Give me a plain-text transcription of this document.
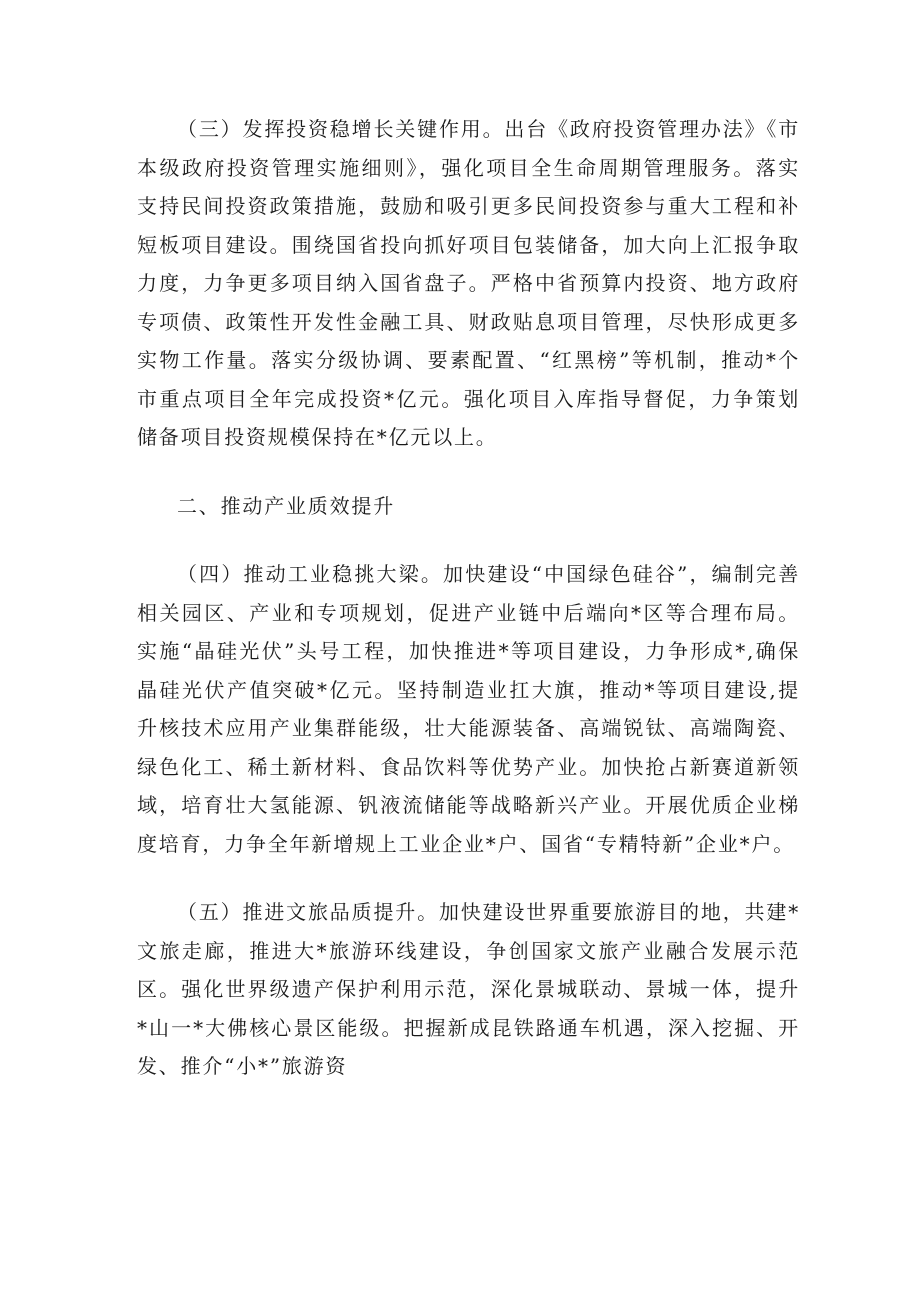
（三）发挥投资稳增长关键作用。出台《政府投资管理办法》《市本级政府投资管理实施细则》，强化项目全生命周期管理服务。落实支持民间投资政策措施，鼓励和吸引更多民间投资参与重大工程和补短板项目建设。围绕国省投向抓好项目包装储备，加大向上汇报争取力度，力争更多项目纳入国省盘子。严格中省预算内投资、地方政府专项债、政策性开发性金融工具、财政贴息项目管理，尽快形成更多实物工作量。落实分级协调、要素配置、“红黑榜”等机制，推动*个市重点项目全年完成投资*亿元。强化项目入库指导督促，力争策划储备项目投资规模保持在*亿元以上。

二、推动产业质效提升

（四）推动工业稳挑大梁。加快建设“中国绿色硅谷”，编制完善相关园区、产业和专项规划，促进产业链中后端向*区等合理布局。实施“晶硅光伏”头号工程，加快推进*等项目建设，力争形成*,确保晶硅光伏产值突破*亿元。坚持制造业扛大旗，推动*等项目建设,提升核技术应用产业集群能级，壮大能源装备、高端锐钛、高端陶瓷、绿色化工、稀土新材料、食品饮料等优势产业。加快抢占新赛道新领域，培育壮大氢能源、钒液流储能等战略新兴产业。开展优质企业梯度培育，力争全年新增规上工业企业*户、国省“专精特新”企业*户。

（五）推进文旅品质提升。加快建设世界重要旅游目的地，共建*文旅走廊，推进大*旅游环线建设，争创国家文旅产业融合发展示范区。强化世界级遗产保护利用示范，深化景城联动、景城一体，提升*山一*大佛核心景区能级。把握新成昆铁路通车机遇，深入挖掘、开发、推介“小*”旅游资
